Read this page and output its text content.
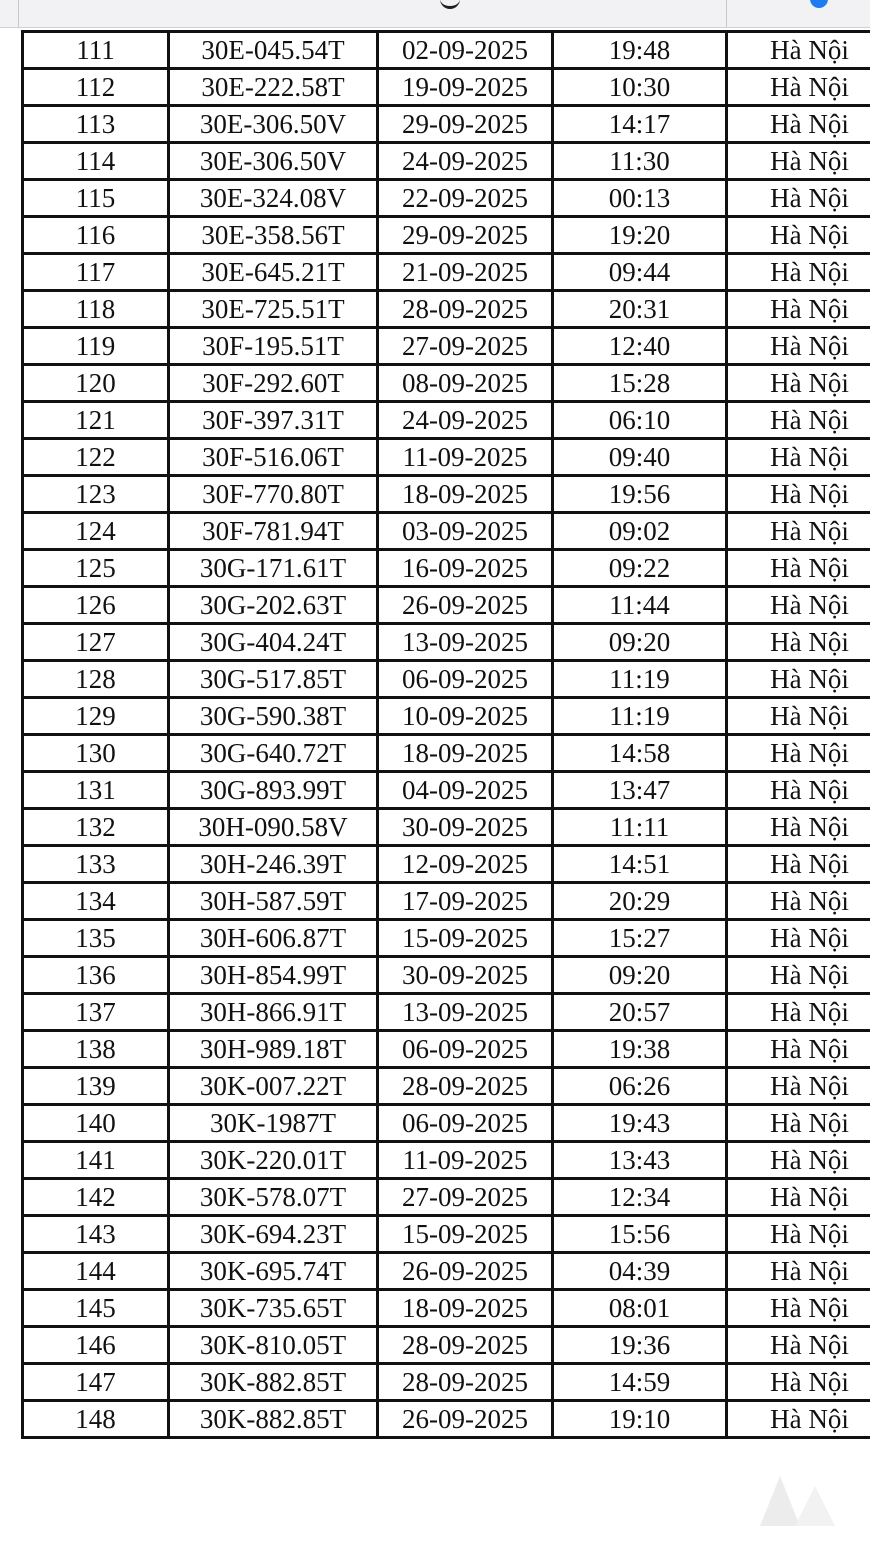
111	30E-045.54T	02-09-2025	19:48	Hà Nội
112	30E-222.58T	19-09-2025	10:30	Hà Nội
113	30E-306.50V	29-09-2025	14:17	Hà Nội
114	30E-306.50V	24-09-2025	11:30	Hà Nội
115	30E-324.08V	22-09-2025	00:13	Hà Nội
116	30E-358.56T	29-09-2025	19:20	Hà Nội
117	30E-645.21T	21-09-2025	09:44	Hà Nội
118	30E-725.51T	28-09-2025	20:31	Hà Nội
119	30F-195.51T	27-09-2025	12:40	Hà Nội
120	30F-292.60T	08-09-2025	15:28	Hà Nội
121	30F-397.31T	24-09-2025	06:10	Hà Nội
122	30F-516.06T	11-09-2025	09:40	Hà Nội
123	30F-770.80T	18-09-2025	19:56	Hà Nội
124	30F-781.94T	03-09-2025	09:02	Hà Nội
125	30G-171.61T	16-09-2025	09:22	Hà Nội
126	30G-202.63T	26-09-2025	11:44	Hà Nội
127	30G-404.24T	13-09-2025	09:20	Hà Nội
128	30G-517.85T	06-09-2025	11:19	Hà Nội
129	30G-590.38T	10-09-2025	11:19	Hà Nội
130	30G-640.72T	18-09-2025	14:58	Hà Nội
131	30G-893.99T	04-09-2025	13:47	Hà Nội
132	30H-090.58V	30-09-2025	11:11	Hà Nội
133	30H-246.39T	12-09-2025	14:51	Hà Nội
134	30H-587.59T	17-09-2025	20:29	Hà Nội
135	30H-606.87T	15-09-2025	15:27	Hà Nội
136	30H-854.99T	30-09-2025	09:20	Hà Nội
137	30H-866.91T	13-09-2025	20:57	Hà Nội
138	30H-989.18T	06-09-2025	19:38	Hà Nội
139	30K-007.22T	28-09-2025	06:26	Hà Nội
140	30K-1987T	06-09-2025	19:43	Hà Nội
141	30K-220.01T	11-09-2025	13:43	Hà Nội
142	30K-578.07T	27-09-2025	12:34	Hà Nội
143	30K-694.23T	15-09-2025	15:56	Hà Nội
144	30K-695.74T	26-09-2025	04:39	Hà Nội
145	30K-735.65T	18-09-2025	08:01	Hà Nội
146	30K-810.05T	28-09-2025	19:36	Hà Nội
147	30K-882.85T	28-09-2025	14:59	Hà Nội
148	30K-882.85T	26-09-2025	19:10	Hà Nội
